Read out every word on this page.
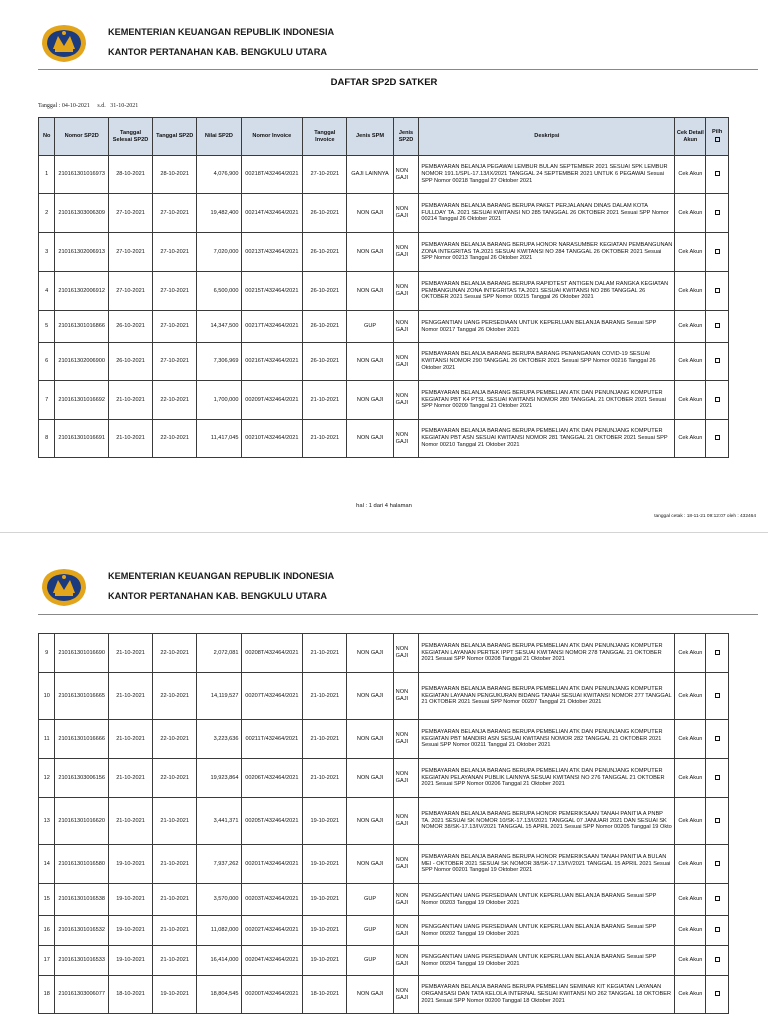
KEMENTERIAN KEUANGAN REPUBLIK INDONESIA
KANTOR PERTANAHAN KAB. BENGKULU UTARA
DAFTAR SP2D SATKER
Tanggal : 04-10-2021     s.d.   31-10-2021
No	Nomor SP2D	Tanggal Selesai SP2D	Tanggal SP2D	Nilai SP2D	Nomor Invoice	Tanggal Invoice	Jenis SPM	Jenis SP2D	Deskripsi	Cek Detail Akun	Pilh

1	210161301016973	28-10-2021	28-10-2021	4,076,900	00218T/432464/2021	27-10-2021	GAJI LAINNYA	NON GAJI	PEMBAYARAN BELANJA PEGAWAI LEMBUR BULAN SEPTEMBER 2021 SESUAI SPK LEMBUR NOMOR 191.1/SPL-17.13/IX/2021 TANGGAL 24 SEPTEMBER 2021 UNTUK 6 PEGAWAI Sesuai SPP Nomor 00218 Tanggal 27 Oktober 2021	Cek Akun	
2	210161303006309	27-10-2021	27-10-2021	19,482,400	00214T/432464/2021	26-10-2021	NON GAJI	NON GAJI	PEMBAYARAN BELANJA BARANG BERUPA PAKET PERJALANAN DINAS DALAM KOTA FULLDAY TA. 2021 SESUAI KWITANSI NO 285 TANGGAL 26 OKTOBER 2021 Sesuai SPP Nomor 00214 Tanggal 26 Oktober 2021	Cek Akun	
3	210161302006913	27-10-2021	27-10-2021	7,020,000	00213T/432464/2021	26-10-2021	NON GAJI	NON GAJI	PEMBAYARAN BELANJA BARANG BERUPA HONOR NARASUMBER KEGIATAN PEMBANGUNAN ZONA INTEGRITAS TA.2021 SESUAI KWITANSI NO 284 TANGGAL 26 OKTOBER 2021 Sesuai SPP Nomor 00213 Tanggal 26 Oktober 2021	Cek Akun	
4	210161302006912	27-10-2021	27-10-2021	6,500,000	00215T/432464/2021	26-10-2021	NON GAJI	NON GAJI	PEMBAYARAN BELANJA BARANG BERUPA RAPIDTEST ANTIGEN DALAM RANGKA KEGIATAN PEMBANGUNAN ZONA INTEGRITAS TA.2021 SESUAI KWITANSI NO 286 TANGGAL 26 OKTOBER 2021 Sesuai SPP Nomor 00215 Tanggal 26 Oktober 2021	Cek Akun	
5	210161301016866	26-10-2021	27-10-2021	14,347,500	00217T/432464/2021	26-10-2021	GUP	NON GAJI	PENGGANTIAN UANG PERSEDIAAN UNTUK KEPERLUAN BELANJA BARANG Sesuai SPP Nomor 00217 Tanggal 26 Oktober 2021	Cek Akun	
6	210161302006900	26-10-2021	27-10-2021	7,306,969	00216T/432464/2021	26-10-2021	NON GAJI	NON GAJI	PEMBAYARAN BELANJA BARANG BERUPA BARANG PENANGANAN COVID-19 SESUAI KWITANSI NOMOR 290 TANGGAL 26 OKTOBER 2021 Sesuai SPP Nomor 00216 Tanggal 26 Oktober 2021	Cek Akun	
7	210161301016692	21-10-2021	22-10-2021	1,700,000	00209T/432464/2021	21-10-2021	NON GAJI	NON GAJI	PEMBAYARAN BELANJA BARANG BERUPA PEMBELIAN ATK DAN PENUNJANG KOMPUTER KEGIATAN PBT K4 PTSL SESUAI KWITANSI NOMOR 280 TANGGAL 21 OKTOBER 2021 Sesuai SPP Nomor 00209 Tanggal 21 Oktober 2021	Cek Akun	
8	210161301016691	21-10-2021	22-10-2021	11,417,045	00210T/432464/2021	21-10-2021	NON GAJI	NON GAJI	PEMBAYARAN BELANJA BARANG BERUPA PEMBELIAN ATK DAN PENUNJANG KOMPUTER KEGIATAN PBT ASN SESUAI KWITANSI NOMOR 281 TANGGAL 21 OKTOBER 2021 Sesuai SPP Nomor 00210 Tanggal 21 Oktober 2021	Cek Akun	
hal : 1 dari 4 halaman
tanggal cetak : 18-11-21 09:12:07 oleh : 432464
KEMENTERIAN KEUANGAN REPUBLIK INDONESIA
KANTOR PERTANAHAN KAB. BENGKULU UTARA
9	210161301016690	21-10-2021	22-10-2021	2,072,081	00208T/432464/2021	21-10-2021	NON GAJI	NON GAJI	PEMBAYARAN BELANJA BARANG BERUPA PEMBELIAN ATK DAN PENUNJANG KOMPUTER KEGIATAN LAYANAN PERTEK IPPT SESUAI KWITANSI NOMOR 278 TANGGAL 21 OKTOBER 2021 Sesuai SPP Nomor 00208 Tanggal 21 Oktober 2021	Cek Akun	
10	210161301016665	21-10-2021	22-10-2021	14,119,527	00207T/432464/2021	21-10-2021	NON GAJI	NON GAJI	PEMBAYARAN BELANJA BARANG BERUPA PEMBELIAN ATK DAN PENUNJANG KOMPUTER KEGIATAN LAYANAN PENGUKURAN BIDANG TANAH SESUAI KWITANSI NOMOR 277 TANGGAL 21 OKTOBER 2021 Sesuai SPP Nomor 00207 Tanggal 21 Oktober 2021	Cek Akun	
11	210161301016666	21-10-2021	22-10-2021	3,223,636	00211T/432464/2021	21-10-2021	NON GAJI	NON GAJI	PEMBAYARAN BELANJA BARANG BERUPA PEMBELIAN ATK DAN PENUNJANG KOMPUTER KEGIATAN PBT MANDIRI ASN SESUAI KWITANSI NOMOR 282 TANGGAL 21 OKTOBER 2021 Sesuai SPP Nomor 00211 Tanggal 21 Oktober 2021	Cek Akun	
12	210161303006156	21-10-2021	22-10-2021	19,923,864	00206T/432464/2021	21-10-2021	NON GAJI	NON GAJI	PEMBAYARAN BELANJA BARANG BERUPA PEMBELIAN ATK DAN PENUNJANG KOMPUTER KEGIATAN PELAYANAN PUBLIK LAINNYA SESUAI KWITANSI NO 276 TANGGAL 21 OKTOBER 2021 Sesuai SPP Nomor 00206 Tanggal 21 Oktober 2021	Cek Akun	
13	210161301016620	21-10-2021	21-10-2021	3,441,371	00205T/432464/2021	19-10-2021	NON GAJI	NON GAJI	PEMBAYARAN BELANJA BARANG BERUPA HONOR PEMERIKSAAN TANAH PANITIA A PNBP TA. 2021 SESUAI SK NOMOR 10/SK-17.13/I/2021 TANGGAL 07 JANUARI 2021 DAN SESUAI SK NOMOR 38/SK-17.13/IV/2021 TANGGAL 15 APRIL 2021 Sesuai SPP Nomor 00205 Tanggal 19 Okto	Cek Akun	
14	210161301016580	19-10-2021	21-10-2021	7,937,262	00201T/432464/2021	19-10-2021	NON GAJI	NON GAJI	PEMBAYARAN BELANJA BARANG BERUPA HONOR PEMERIKSAAN TANAH PANITIA A BULAN MEI - OKTOBER 2021 SESUAI SK NOMOR 38/SK-17.13/IV/2021 TANGGAL 15 APRIL 2021 Sesuai SPP Nomor 00201 Tanggal 19 Oktober 2021	Cek Akun	
15	210161301016538	19-10-2021	21-10-2021	3,570,000	00203T/432464/2021	19-10-2021	GUP	NON GAJI	PENGGANTIAN UANG PERSEDIAAN UNTUK KEPERLUAN BELANJA BARANG Sesuai SPP Nomor 00203 Tanggal 19 Oktober 2021	Cek Akun	
16	210161301016532	19-10-2021	21-10-2021	11,082,000	00202T/432464/2021	19-10-2021	GUP	NON GAJI	PENGGANTIAN UANG PERSEDIAAN UNTUK KEPERLUAN BELANJA BARANG Sesuai SPP Nomor 00202 Tanggal 19 Oktober 2021	Cek Akun	
17	210161301016533	19-10-2021	21-10-2021	16,414,000	00204T/432464/2021	19-10-2021	GUP	NON GAJI	PENGGANTIAN UANG PERSEDIAAN UNTUK KEPERLUAN BELANJA BARANG Sesuai SPP Nomor 00204 Tanggal 19 Oktober 2021	Cek Akun	
18	210161303006077	18-10-2021	19-10-2021	18,804,545	00200T/432464/2021	18-10-2021	NON GAJI	NON GAJI	PEMBAYARAN BELANJA BARANG BERUPA PEMBELIAN SEMINAR KIT KEGIATAN LAYANAN ORGANISASI DAN TATA KELOLA INTERNAL SESUAI KWITANSI NO 262 TANGGAL 18 OKTOBER 2021 Sesuai SPP Nomor 00200 Tanggal 18 Oktober 2021	Cek Akun	
